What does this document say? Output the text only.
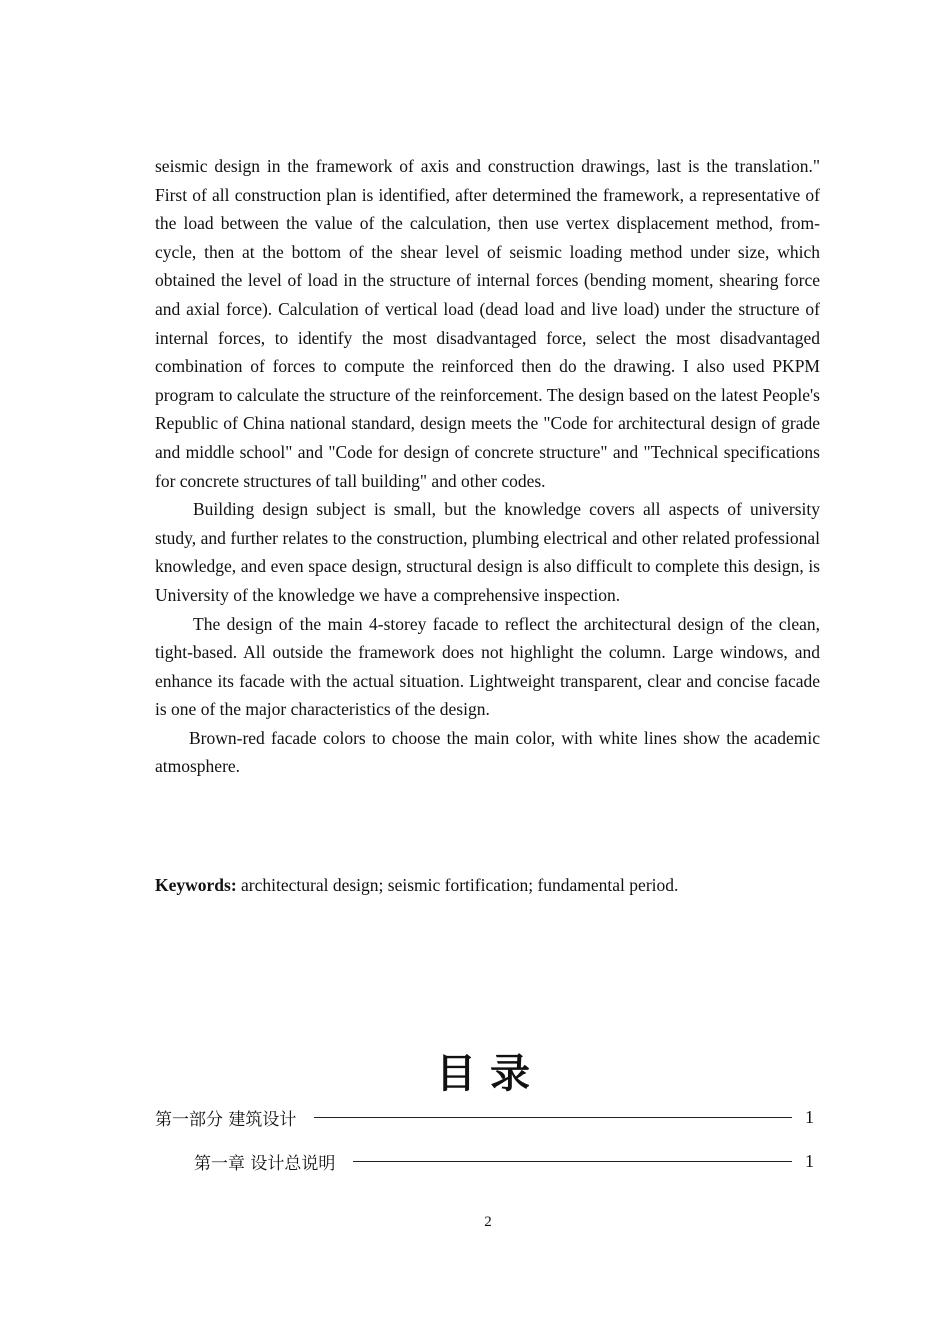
seismic design in the framework of axis and construction drawings, last is the translation." First of all construction plan is identified, after determined the framework, a representative of the load between the value of the calculation, then use vertex displacement method, from-cycle, then at the bottom of the shear level of seismic loading method under size, which obtained the level of load in the structure of internal forces (bending moment, shearing force and axial force). Calculation of vertical load (dead load and live load) under the structure of internal forces, to identify the most disadvantaged force, select the most disadvantaged combination of forces to compute the reinforced then do the drawing. I also used PKPM program to calculate the structure of the reinforcement. The design based on the latest People's Republic of China national standard, design meets the "Code for architectural design of grade and middle school" and "Code for design of concrete structure" and "Technical specifications for concrete structures of tall building" and other codes.

Building design subject is small, but the knowledge covers all aspects of university study, and further relates to the construction, plumbing electrical and other related professional knowledge, and even space design, structural design is also difficult to complete this design, is University of the knowledge we have a comprehensive inspection.

The design of the main 4-storey facade to reflect the architectural design of the clean, tight-based. All outside the framework does not highlight the column. Large windows, and enhance its facade with the actual situation. Lightweight transparent, clear and concise facade is one of the major characteristics of the design.

Brown-red facade colors to choose the main color, with white lines show the academic atmosphere.

Keywords: architectural design; seismic fortification; fundamental period.
目录
第一部分 建筑设计	1
第一章 设计总说明	1
2
